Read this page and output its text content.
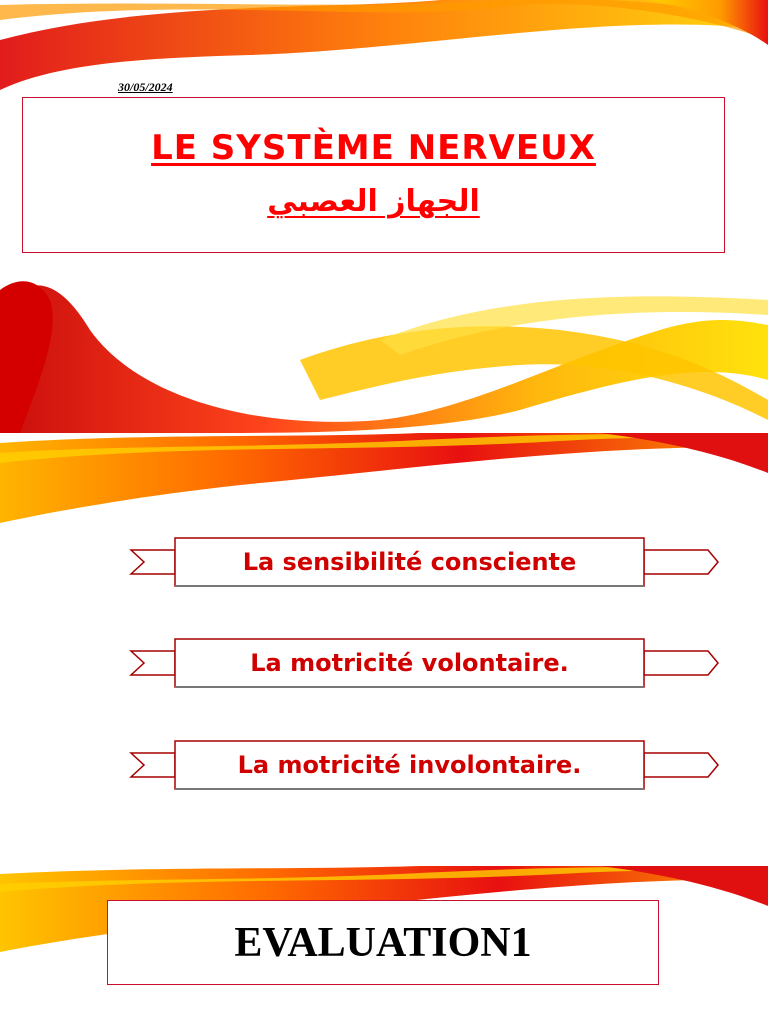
30/05/2024
LE SYSTÈME NERVEUX
الجهاز العصبي
La sensibilité consciente
La motricité volontaire.
La motricité involontaire.
EVALUATION1
